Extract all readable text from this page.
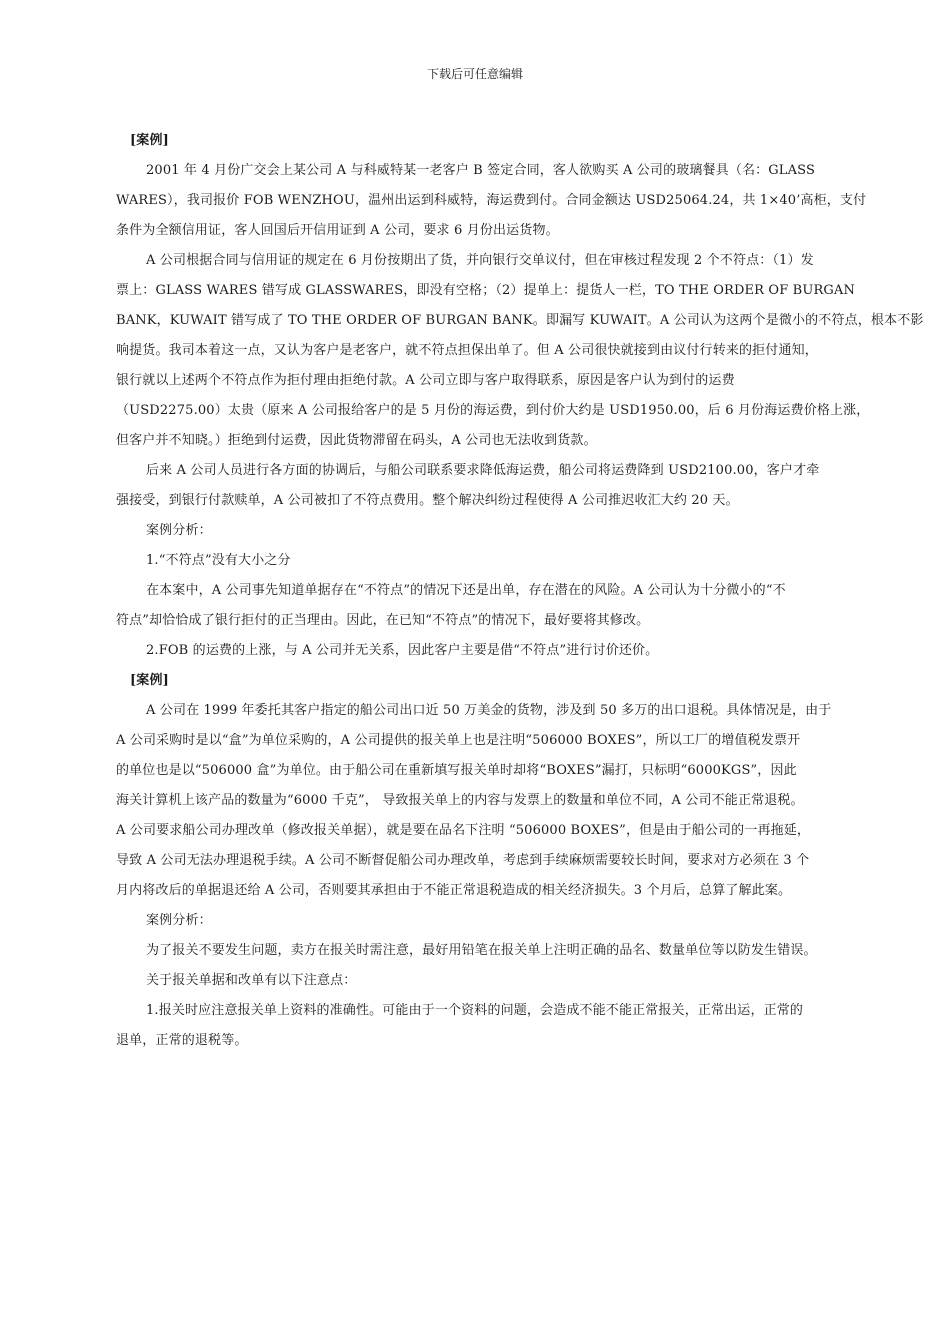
下载后可任意编辑
[案例]
2001 年 4 月份广交会上某公司 A 与科威特某一老客户 B 签定合同，客人欲购买 A 公司的玻璃餐具（名：GLASS
WARES），我司报价 FOB WENZHOU，温州出运到科威特，海运费到付。合同金额达 USD25064.24，共 1×40’高柜，支付
条件为全额信用证，客人回国后开信用证到 A 公司，要求 6 月份出运货物。
A 公司根据合同与信用证的规定在 6 月份按期出了货，并向银行交单议付，但在审核过程发现 2 个不符点：（1）发
票上：GLASS WARES 错写成 GLASSWARES，即没有空格；（2）提单上：提货人一栏，TO THE ORDER OF BURGAN
BANK，KUWAIT 错写成了 TO THE ORDER OF BURGAN BANK。即漏写 KUWAIT。A 公司认为这两个是微小的不符点，根本不影
响提货。我司本着这一点，又认为客户是老客户，就不符点担保出单了。但 A 公司很快就接到由议付行转来的拒付通知，
银行就以上述两个不符点作为拒付理由拒绝付款。A 公司立即与客户取得联系，原因是客户认为到付的运费
（USD2275.00）太贵（原来 A 公司报给客户的是 5 月份的海运费，到付价大约是 USD1950.00，后 6 月份海运费价格上涨，
但客户并不知晓。）拒绝到付运费，因此货物滞留在码头，A 公司也无法收到货款。
后来 A 公司人员进行各方面的协调后，与船公司联系要求降低海运费，船公司将运费降到 USD2100.00，客户才牵
强接受，到银行付款赎单，A 公司被扣了不符点费用。整个解决纠纷过程使得 A 公司推迟收汇大约 20 天。
案例分析：
1.“不符点”没有大小之分
在本案中，A 公司事先知道单据存在“不符点”的情况下还是出单，存在潜在的风险。A 公司认为十分微小的“不
符点”却恰恰成了银行拒付的正当理由。因此，在已知“不符点”的情况下，最好要将其修改。
2.FOB 的运费的上涨，与 A 公司并无关系，因此客户主要是借“不符点”进行讨价还价。
[案例]
A 公司在 1999 年委托其客户指定的船公司出口近 50 万美金的货物，涉及到 50 多万的出口退税。具体情况是，由于
A 公司采购时是以“盒”为单位采购的，A 公司提供的报关单上也是注明“506000 BOXES”，所以工厂的增值税发票开
的单位也是以“506000 盒”为单位。由于船公司在重新填写报关单时却将“BOXES”漏打，只标明“6000KGS”，因此
海关计算机上该产品的数量为“6000 千克”， 导致报关单上的内容与发票上的数量和单位不同，A 公司不能正常退税。
A 公司要求船公司办理改单（修改报关单据），就是要在品名下注明 “506000 BOXES”，但是由于船公司的一再拖延，
导致 A 公司无法办理退税手续。A 公司不断督促船公司办理改单，考虑到手续麻烦需要较长时间，要求对方必须在 3 个
月内将改后的单据退还给 A 公司，否则要其承担由于不能正常退税造成的相关经济损失。3 个月后，总算了解此案。
案例分析：
为了报关不要发生问题，卖方在报关时需注意，最好用铅笔在报关单上注明正确的品名、数量单位等以防发生错误。
关于报关单据和改单有以下注意点：
1.报关时应注意报关单上资料的准确性。可能由于一个资料的问题，会造成不能不能正常报关，正常出运，正常的
退单，正常的退税等。
